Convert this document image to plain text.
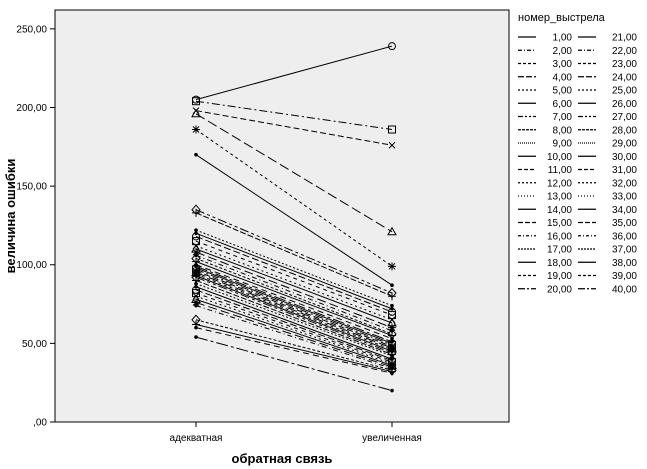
250,00
200,00
150,00
100,00
50,00
,00
адекватная	увеличенная
величина ошибки
обратная связь
номер_выстрела
1,00
2,00
3,00
4,00
5,00
6,00
7,00
8,00
9,00
10,00
11,00
12,00
13,00
14,00
15,00
16,00
17,00
18,00
19,00
20,00
21,00
22,00
23,00
24,00
25,00
26,00
27,00
28,00
29,00
30,00
31,00
32,00
33,00
34,00
35,00
36,00
37,00
38,00
39,00
40,00
